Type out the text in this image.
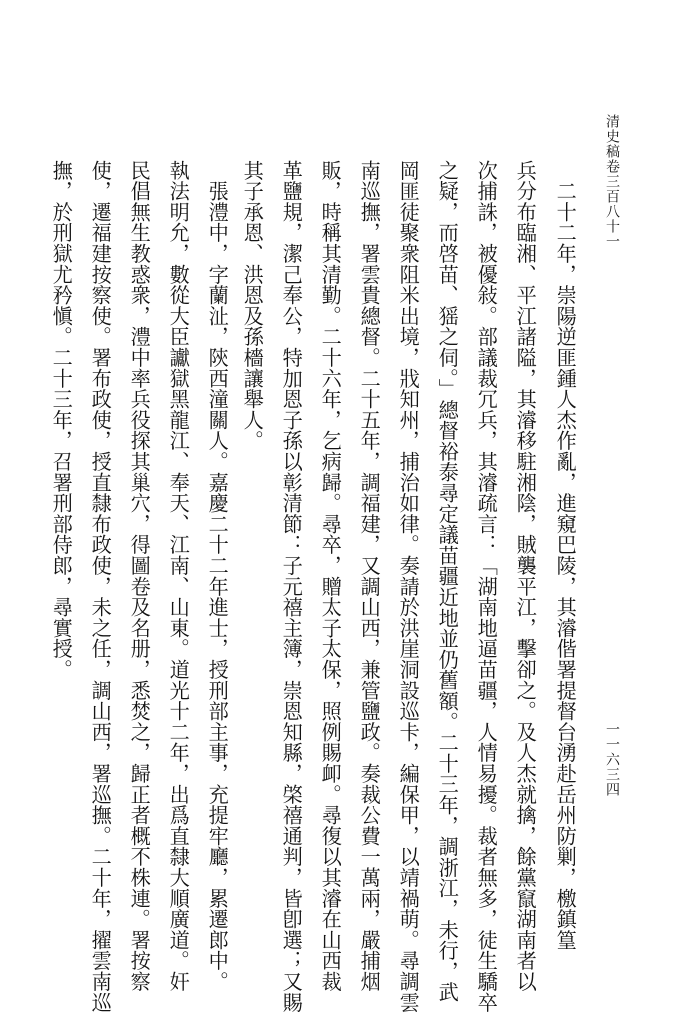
清史稿卷三百八十一
一一六三四
　二十二年，崇陽逆匪鍾人杰作亂，進窺巴陵，其濬偕署提督台湧赴岳州防剿，檄鎮篁
兵分布臨湘、平江諸隘，其濬移駐湘陰，賊襲平江，擊卻之。及人杰就擒，餘黨竄湖南者以
次捕誅，被優敍。部議裁冗兵，其濬疏言：「湖南地逼苗疆，人情易擾。裁者無多，徒生驕卒
之疑，而啓苗、猺之伺。」總督裕泰尋定議苗疆近地並仍舊額。二十三年，調浙江，未行，武
岡匪徒聚衆阻米出境，戕知州，捕治如律。奏請於洪崖洞設巡卡，編保甲，以靖禍萌。尋調雲
南巡撫，署雲貴總督。二十五年，調福建，又調山西，兼管鹽政。奏裁公費一萬兩，嚴捕烟
販，時稱其清勤。二十六年，乞病歸。尋卒，贈太子太保，照例賜卹。尋復以其濬在山西裁
革鹽規，潔己奉公，特加恩子孫以彰清節：子元禧主簿，崇恩知縣，棨禧通判，皆卽選；又賜
其子承恩、洪恩及孫檣讓舉人。
　張澧中，字蘭沚，陝西潼關人。嘉慶二十二年進士，授刑部主事，充提牢廳，累遷郎中。
執法明允，數從大臣讞獄黑龍江、奉天、江南、山東。道光十二年，出爲直隸大順廣道。奸
民倡無生教惑衆，澧中率兵役探其巢穴，得圖卷及名册，悉焚之，歸正者概不株連。署按察
使，遷福建按察使。署布政使，授直隸布政使，未之任，調山西，署巡撫。二十年，擢雲南巡
撫，於刑獄尤矜愼。二十三年，召署刑部侍郎，尋實授。
